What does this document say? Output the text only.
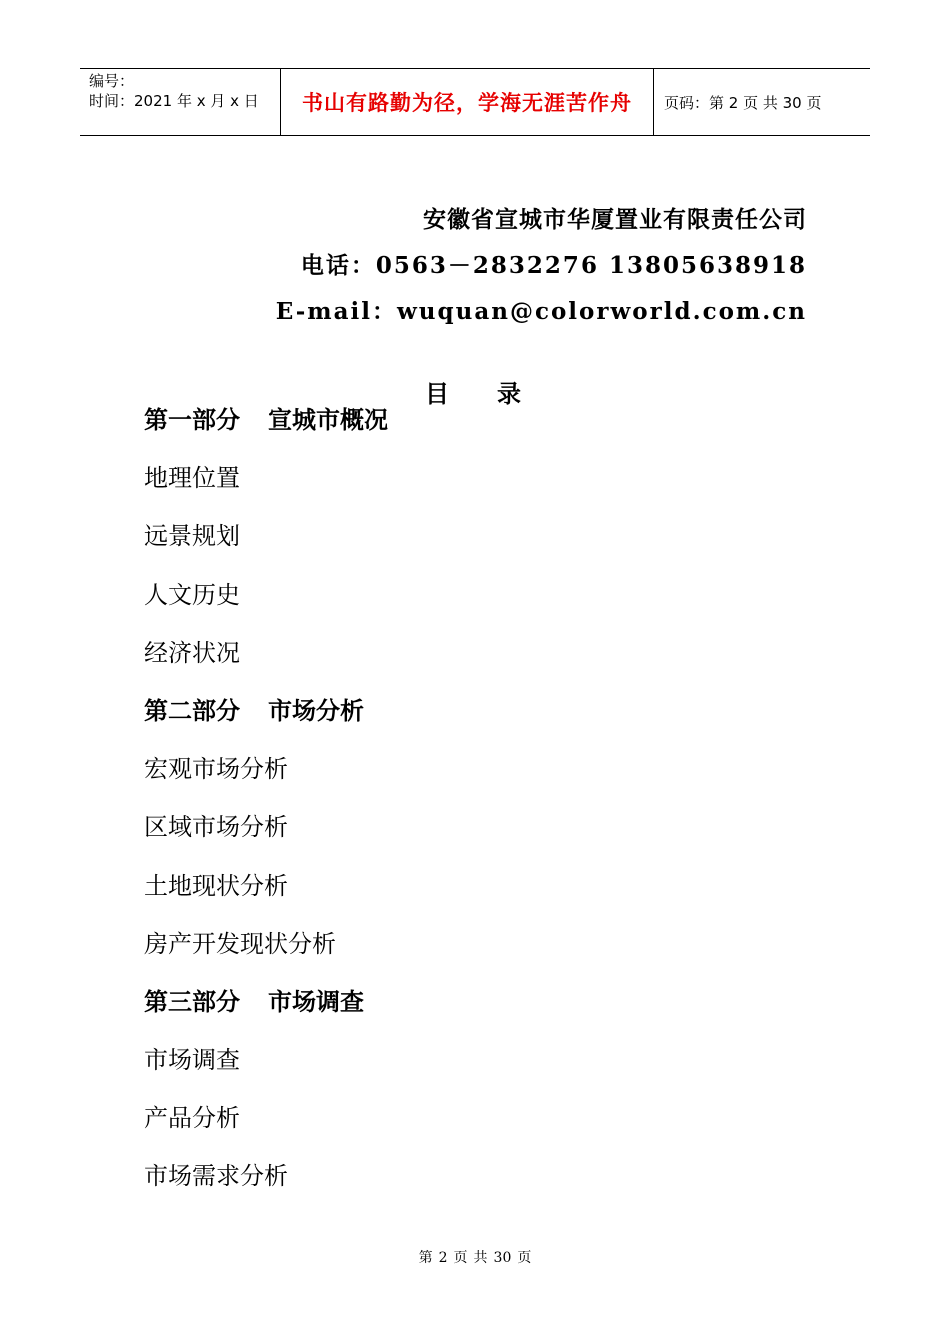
编号：
时间：2021 年 x 月 x 日	书山有路勤为径，学海无涯苦作舟	页码：第 2 页 共 30 页
安徽省宣城市华厦置业有限责任公司
电话：0563－2832276 13805638918
E-mail：wuquan@colorworld.com.cn
目录
第一部分 宣城市概况
地理位置
远景规划
人文历史
经济状况
第二部分 市场分析
宏观市场分析
区域市场分析
土地现状分析
房产开发现状分析
第三部分 市场调查
市场调查
产品分析
市场需求分析
第 2 页 共 30 页
